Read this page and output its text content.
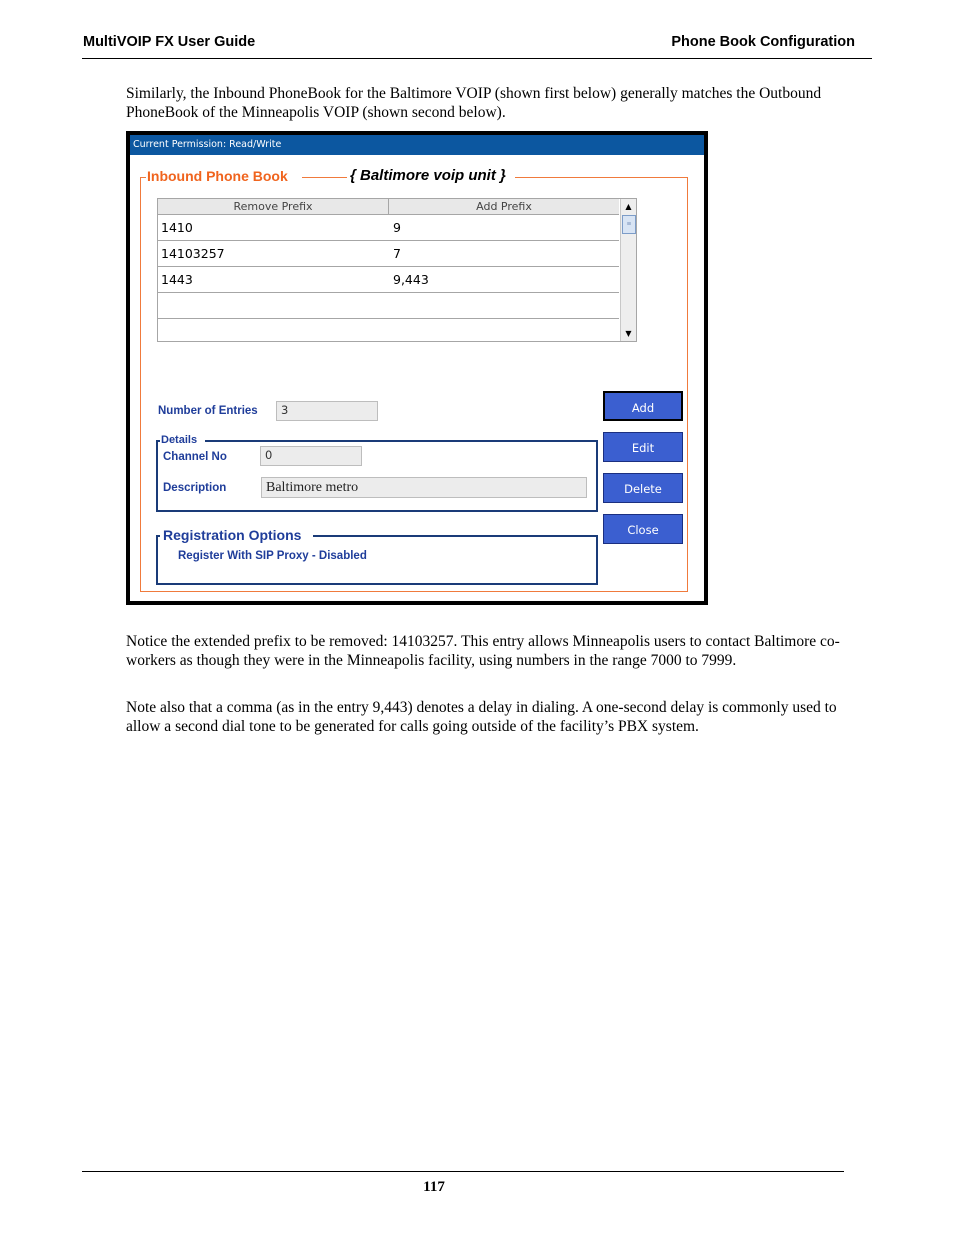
MultiVOIP FX User Guide	Phone Book Configuration

Similarly, the Inbound PhoneBook for the Baltimore VOIP (shown first below) generally matches the Outbound PhoneBook of the Minneapolis VOIP (shown second below).

Current Permission: Read/Write
Inbound Phone Book	{ Baltimore voip unit }
Remove Prefix	Add Prefix
1410	9
14103257	7
1443	9,443
▲
≡
▼
Number of Entries	3
Details
Channel No	0
Description	Baltimore metro
Registration Options
Register With SIP Proxy - Disabled
Add
Edit
Delete
Close

Notice the extended prefix to be removed: 14103257. This entry allows Minneapolis users to contact Baltimore co-workers as though they were in the Minneapolis facility, using numbers in the range 7000 to 7999.

Note also that a comma (as in the entry 9,443) denotes a delay in dialing. A one-second delay is commonly used to allow a second dial tone to be generated for calls going outside of the facility’s PBX system.

117
